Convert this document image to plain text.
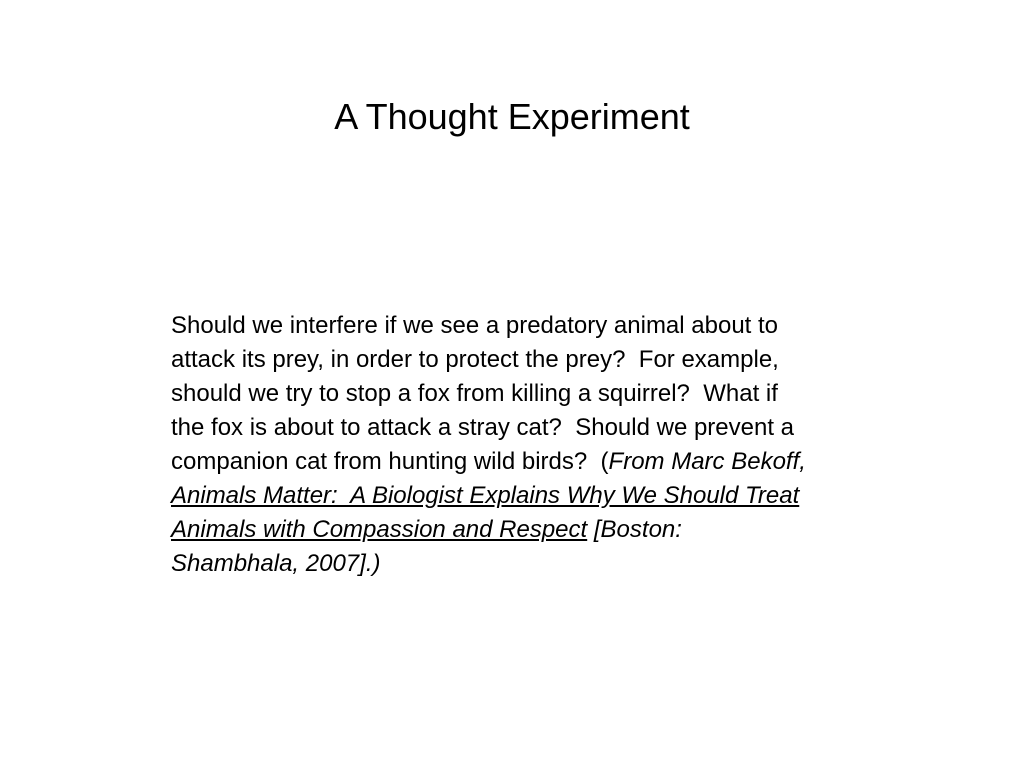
A Thought Experiment

Should we interfere if we see a predatory animal about to
attack its prey, in order to protect the prey?  For example,
should we try to stop a fox from killing a squirrel?  What if
the fox is about to attack a stray cat?  Should we prevent a
companion cat from hunting wild birds?  (From Marc Bekoff,
Animals Matter:  A Biologist Explains Why We Should Treat
Animals with Compassion and Respect [Boston:
Shambhala, 2007].)
